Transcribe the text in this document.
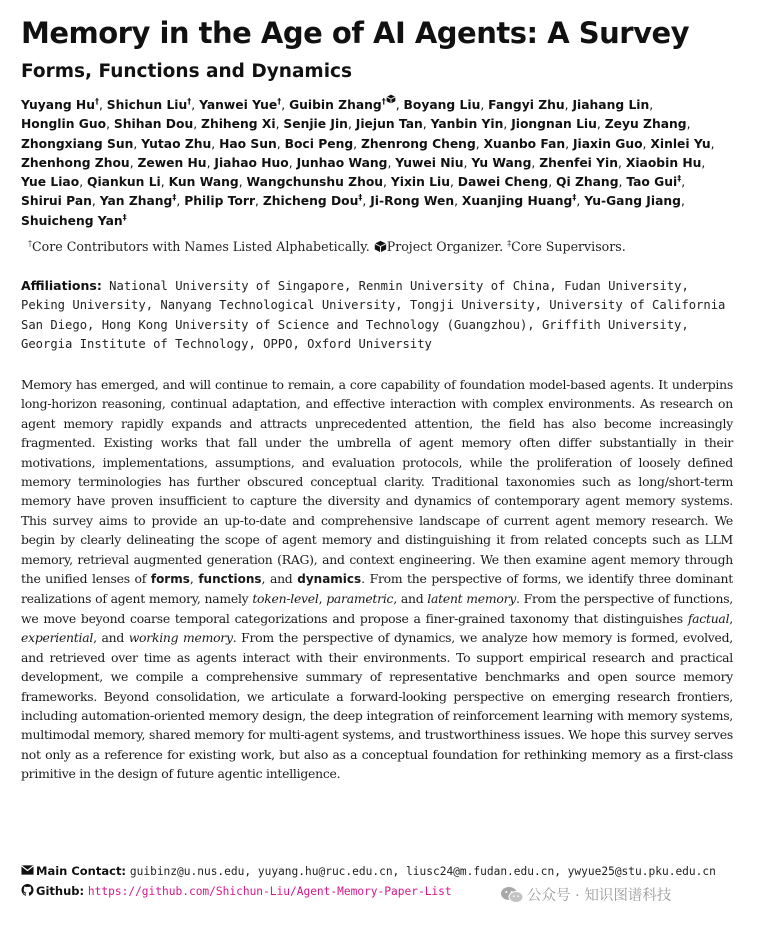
Memory in the Age of AI Agents: A Survey
Forms, Functions and Dynamics
Yuyang Hu†, Shichun Liu†, Yanwei Yue†, Guibin Zhang† , Boyang Liu, Fangyi Zhu, Jiahang Lin, Honglin Guo, Shihan Dou, Zhiheng Xi, Senjie Jin, Jiejun Tan, Yanbin Yin, Jiongnan Liu, Zeyu Zhang, Zhongxiang Sun, Yutao Zhu, Hao Sun, Boci Peng, Zhenrong Cheng, Xuanbo Fan, Jiaxin Guo, Xinlei Yu, Zhenhong Zhou, Zewen Hu, Jiahao Huo, Junhao Wang, Yuwei Niu, Yu Wang, Zhenfei Yin, Xiaobin Hu, Yue Liao, Qiankun Li, Kun Wang, Wangchunshu Zhou, Yixin Liu, Dawei Cheng, Qi Zhang, Tao Gui‡, Shirui Pan, Yan Zhang‡, Philip Torr, Zhicheng Dou‡, Ji-Rong Wen, Xuanjing Huang‡, Yu-Gang Jiang, Shuicheng Yan‡
†Core Contributors with Names Listed Alphabetically. Project Organizer. ‡Core Supervisors.
Affiliations: National University of Singapore, Renmin University of China, Fudan University, Peking University, Nanyang Technological University, Tongji University, University of California San Diego, Hong Kong University of Science and Technology (Guangzhou), Griffith University, Georgia Institute of Technology, OPPO, Oxford University
Memory has emerged, and will continue to remain, a core capability of foundation model-based agents. It underpins long-horizon reasoning, continual adaptation, and effective interaction with complex environments. As research on agent memory rapidly expands and attracts unprecedented attention, the field has also become increasingly fragmented. Existing works that fall under the umbrella of agent memory often differ substantially in their motivations, implementations, assumptions, and evaluation protocols, while the proliferation of loosely defined memory terminologies has further obscured conceptual clarity. Traditional taxonomies such as long/short-term memory have proven insufficient to capture the diversity and dynamics of contemporary agent memory systems. This survey aims to provide an up-to-date and comprehensive landscape of current agent memory research. We begin by clearly delineating the scope of agent memory and distinguishing it from related concepts such as LLM memory, retrieval augmented generation (RAG), and context engineering. We then examine agent memory through the unified lenses of forms, functions, and dynamics. From the perspective of forms, we identify three dominant realizations of agent memory, namely token-level, parametric, and latent memory. From the perspective of functions, we move beyond coarse temporal categorizations and propose a finer-grained taxonomy that distinguishes factual, experiential, and working memory. From the perspective of dynamics, we analyze how memory is formed, evolved, and retrieved over time as agents interact with their environments. To support empirical research and practical development, we compile a comprehensive summary of representative benchmarks and open source memory frameworks. Beyond consolidation, we articulate a forward-looking perspective on emerging research frontiers, including automation-oriented memory design, the deep integration of reinforcement learning with memory systems, multimodal memory, shared memory for multi-agent systems, and trustworthiness issues. We hope this survey serves not only as a reference for existing work, but also as a conceptual foundation for rethinking memory as a first-class primitive in the design of future agentic intelligence.
Main Contact: guibinz@u.nus.edu, yuyang.hu@ruc.edu.cn, liusc24@m.fudan.edu.cn, ywyue25@stu.pku.edu.cn
Github: https://github.com/Shichun-Liu/Agent-Memory-Paper-List	公众号 · 知识图谱科技
